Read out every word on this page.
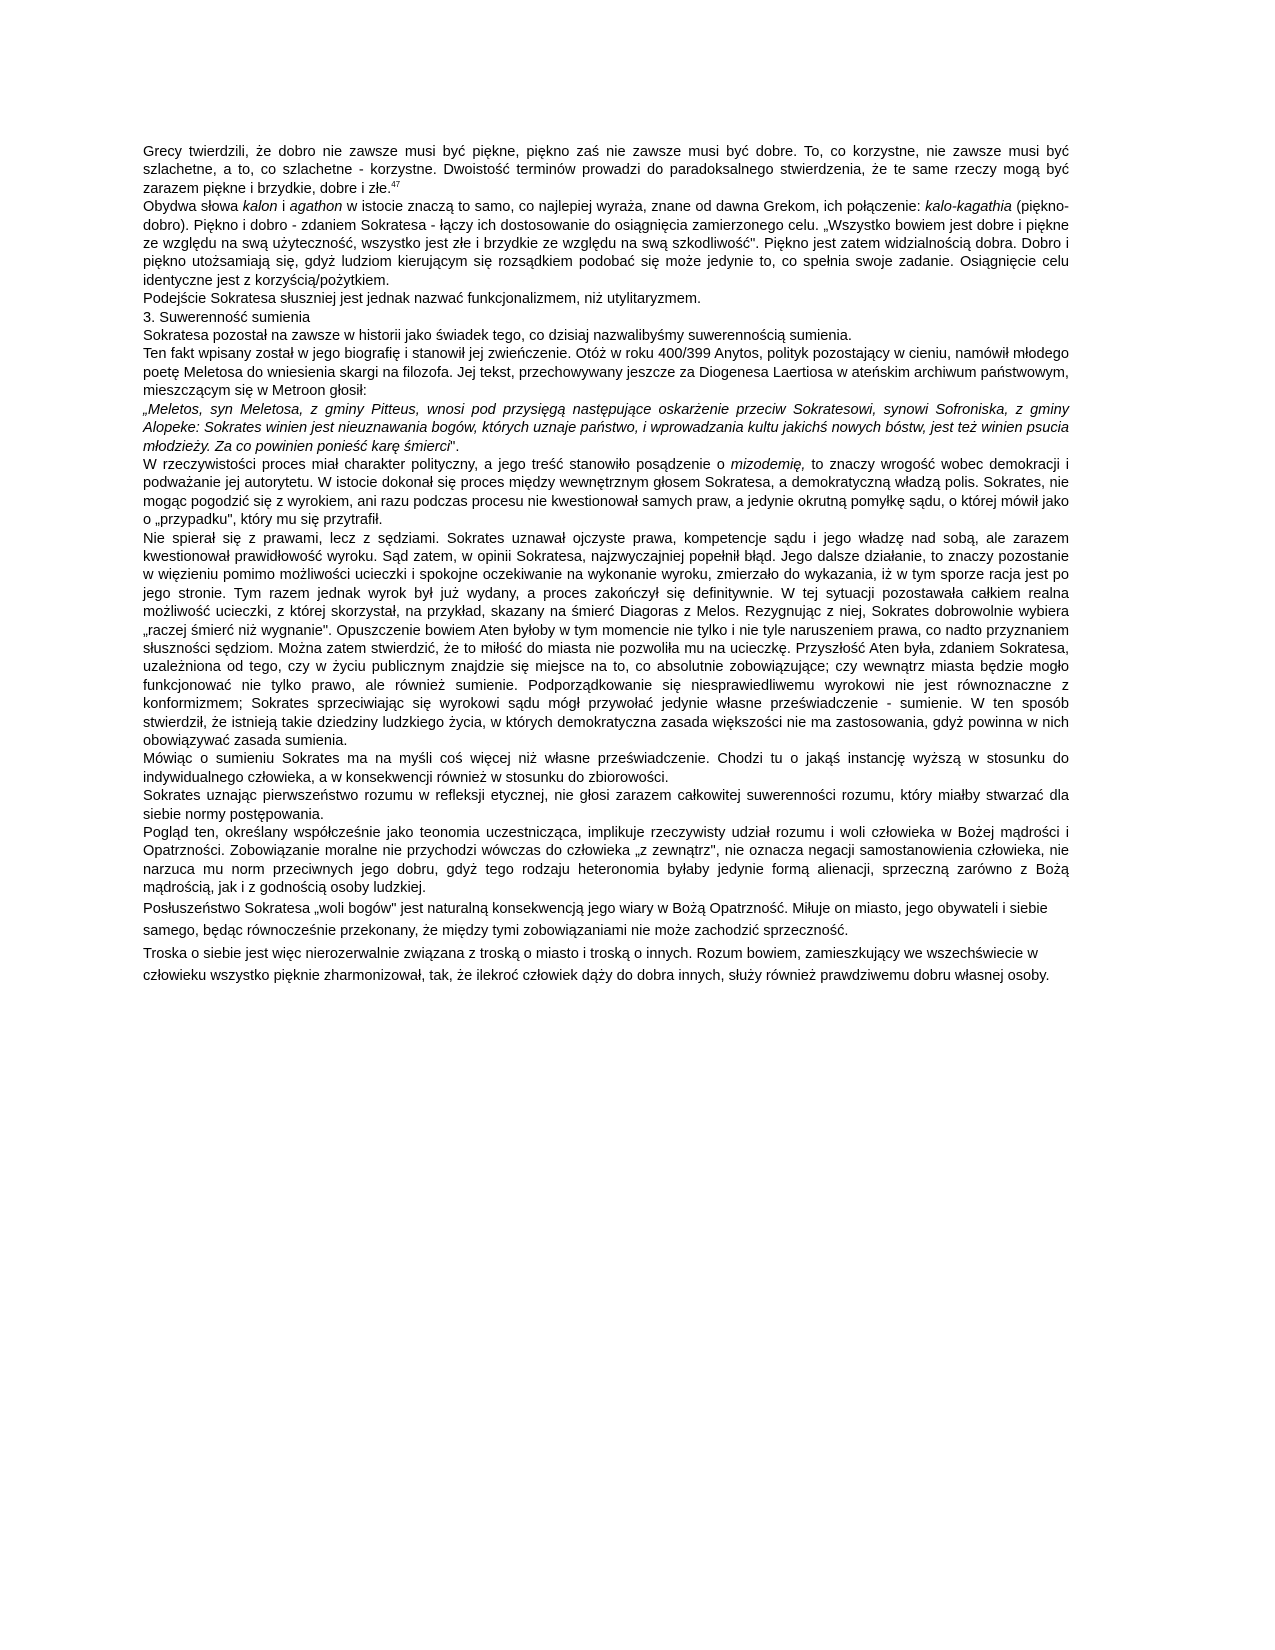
Grecy twierdzili, że dobro nie zawsze musi być piękne, piękno zaś nie zawsze musi być dobre. To, co korzystne, nie zawsze musi być szlachetne, a to, co szlachetne - korzystne. Dwoistość terminów prowadzi do paradoksalnego stwierdzenia, że te same rzeczy mogą być zarazem piękne i brzydkie, dobre i złe.$^{47}$

Obydwa słowa kalon i agathon w istocie znaczą to samo, co najlepiej wyraża, znane od dawna Grekom, ich połączenie: kalo-kagathia (piękno-dobro). Piękno i dobro - zdaniem Sokratesa - łączy ich dostosowanie do osiągnięcia zamierzonego celu. „Wszystko bowiem jest dobre i piękne ze względu na swą użyteczność, wszystko jest złe i brzydkie ze względu na swą szkodliwość". Piękno jest zatem widzialnością dobra. Dobro i piękno utożsamiają się, gdyż ludziom kierującym się rozsądkiem podobać się może jedynie to, co spełnia swoje zadanie. Osiągnięcie celu identyczne jest z korzyścią/pożytkiem.

Podejście Sokratesa słuszniej jest jednak nazwać funkcjonalizmem, niż utylitaryzmem.

3. Suwerenność sumienia

Sokratesa pozostał na zawsze w historii jako świadek tego, co dzisiaj nazwalibyśmy suwerennością sumienia.

Ten fakt wpisany został w jego biografię i stanowił jej zwieńczenie. Otóż w roku 400/399 Anytos, polityk pozostający w cieniu, namówił młodego poetę Meletosa do wniesienia skargi na filozofa. Jej tekst, przechowywany jeszcze za Diogenesa Laertiosa w ateńskim archiwum państwowym, mieszczącym się w Metroon głosił:

„Meletos, syn Meletosa, z gminy Pitteus, wnosi pod przysięgą następujące oskarżenie przeciw Sokratesowi, synowi Sofroniska, z gminy Alopeke: Sokrates winien jest nieuznawania bogów, których uznaje państwo, i wprowadzania kultu jakichś nowych bóstw, jest też winien psucia młodzieży. Za co powinien ponieść karę śmierci".

W rzeczywistości proces miał charakter polityczny, a jego treść stanowiło posądzenie o mizodemię, to znaczy wrogość wobec demokracji i podważanie jej autorytetu. W istocie dokonał się proces między wewnętrznym głosem Sokratesa, a demokratyczną władzą polis. Sokrates, nie mogąc pogodzić się z wyrokiem, ani razu podczas procesu nie kwestionował samych praw, a jedynie okrutną pomyłkę sądu, o której mówił jako o „przypadku", który mu się przytrafił.

Nie spierał się z prawami, lecz z sędziami. Sokrates uznawał ojczyste prawa, kompetencje sądu i jego władzę nad sobą, ale zarazem kwestionował prawidłowość wyroku. Sąd zatem, w opinii Sokratesa, najzwyczajniej popełnił błąd. Jego dalsze działanie, to znaczy pozostanie w więzieniu pomimo możliwości ucieczki i spokojne oczekiwanie na wykonanie wyroku, zmierzało do wykazania, iż w tym sporze racja jest po jego stronie. Tym razem jednak wyrok był już wydany, a proces zakończył się definitywnie. W tej sytuacji pozostawała całkiem realna możliwość ucieczki, z której skorzystał, na przykład, skazany na śmierć Diagoras z Melos. Rezygnując z niej, Sokrates dobrowolnie wybiera „raczej śmierć niż wygnanie". Opuszczenie bowiem Aten byłoby w tym momencie nie tylko i nie tyle naruszeniem prawa, co nadto przyznaniem słuszności sędziom. Można zatem stwierdzić, że to miłość do miasta nie pozwoliła mu na ucieczkę. Przyszłość Aten była, zdaniem Sokratesa, uzależniona od tego, czy w życiu publicznym znajdzie się miejsce na to, co absolutnie zobowiązujące; czy wewnątrz miasta będzie mogło funkcjonować nie tylko prawo, ale również sumienie. Podporządkowanie się niesprawiedliwemu wyrokowi nie jest równoznaczne z konformizmem; Sokrates sprzeciwiając się wyrokowi sądu mógł przywołać jedynie własne przeświadczenie - sumienie. W ten sposób stwierdził, że istnieją takie dziedziny ludzkiego życia, w których demokratyczna zasada większości nie ma zastosowania, gdyż powinna w nich obowiązywać zasada sumienia.

Mówiąc o sumieniu Sokrates ma na myśli coś więcej niż własne przeświadczenie. Chodzi tu o jakąś instancję wyższą w stosunku do indywidualnego człowieka, a w konsekwencji również w stosunku do zbiorowości.

Sokrates uznając pierwszeństwo rozumu w refleksji etycznej, nie głosi zarazem całkowitej suwerenności rozumu, który miałby stwarzać dla siebie normy postępowania.

Pogląd ten, określany współcześnie jako teonomia uczestnicząca, implikuje rzeczywisty udział rozumu i woli człowieka w Bożej mądrości i Opatrzności. Zobowiązanie moralne nie przychodzi wówczas do człowieka „z zewnątrz", nie oznacza negacji samostanowienia człowieka, nie narzuca mu norm przeciwnych jego dobru, gdyż tego rodzaju heteronomia byłaby jedynie formą alienacji, sprzeczną zarówno z Bożą mądrością, jak i z godnością osoby ludzkiej.

Posłuszeństwo Sokratesa „woli bogów" jest naturalną konsekwencją jego wiary w Bożą Opatrzność. Miłuje on miasto, jego obywateli i siebie samego, będąc równocześnie przekonany, że między tymi zobowiązaniami nie może zachodzić sprzeczność.

Troska o siebie jest więc nierozerwalnie związana z troską o miasto i troską o innych. Rozum bowiem, zamieszkujący we wszechświecie w człowieku wszystko pięknie zharmonizował, tak, że ilekroć człowiek dąży do dobra innych, służy również prawdziwemu dobru własnej osoby.
